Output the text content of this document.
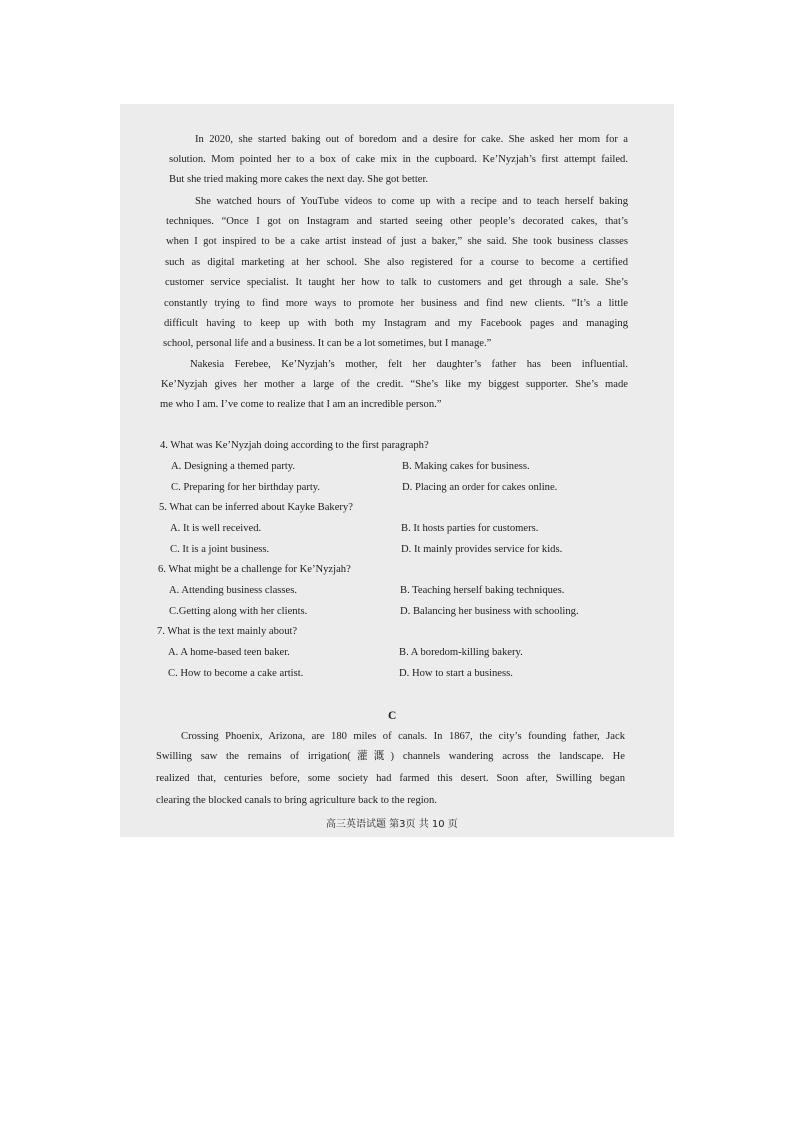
In 2020, she started baking out of boredom and a desire for cake. She asked her mom for a
solution. Mom pointed her to a box of cake mix in the cupboard. Ke’Nyzjah’s first attempt failed.
But she tried making more cakes the next day. She got better.
She watched hours of YouTube videos to come up with a recipe and to teach herself baking
techniques. “Once I got on Instagram and started seeing other people’s decorated cakes, that’s
when I got inspired to be a cake artist instead of just a baker,” she said. She took business classes
such as digital marketing at her school. She also registered for a course to become a certified
customer service specialist. It taught her how to talk to customers and get through a sale. She’s
constantly trying to find more ways to promote her business and find new clients. “It’s a little
difficult having to keep up with both my Instagram and my Facebook pages and managing
school, personal life and a business. It can be a lot sometimes, but I manage.”
Nakesia Ferebee, Ke’Nyzjah’s mother, felt her daughter’s father has been influential.
Ke’Nyzjah gives her mother a large of the credit. “She’s like my biggest supporter. She’s made
me who I am. I’ve come to realize that I am an incredible person.”
4. What was Ke’Nyzjah doing according to the first paragraph?
A. Designing a themed party.	B. Making cakes for business.
C. Preparing for her birthday party.	D. Placing an order for cakes online.
5. What can be inferred about Kayke Bakery?
A. It is well received.	B. It hosts parties for customers.
C. It is a joint business.	D. It mainly provides service for kids.
6. What might be a challenge for Ke’Nyzjah?
A. Attending business classes.	B. Teaching herself baking techniques.
C.Getting along with her clients.	D. Balancing her business with schooling.
7. What is the text mainly about?
A. A home-based teen baker.	B. A boredom-killing bakery.
C. How to become a cake artist.	D. How to start a business.
C
Crossing Phoenix, Arizona, are 180 miles of canals. In 1867, the city’s founding father, Jack
Swilling saw the remains of irrigation(灌溉) channels wandering across the landscape. He
realized that, centuries before, some society had farmed this desert. Soon after, Swilling began
clearing the blocked canals to bring agriculture back to the region.
高三英语试题 第3页 共 10 页
